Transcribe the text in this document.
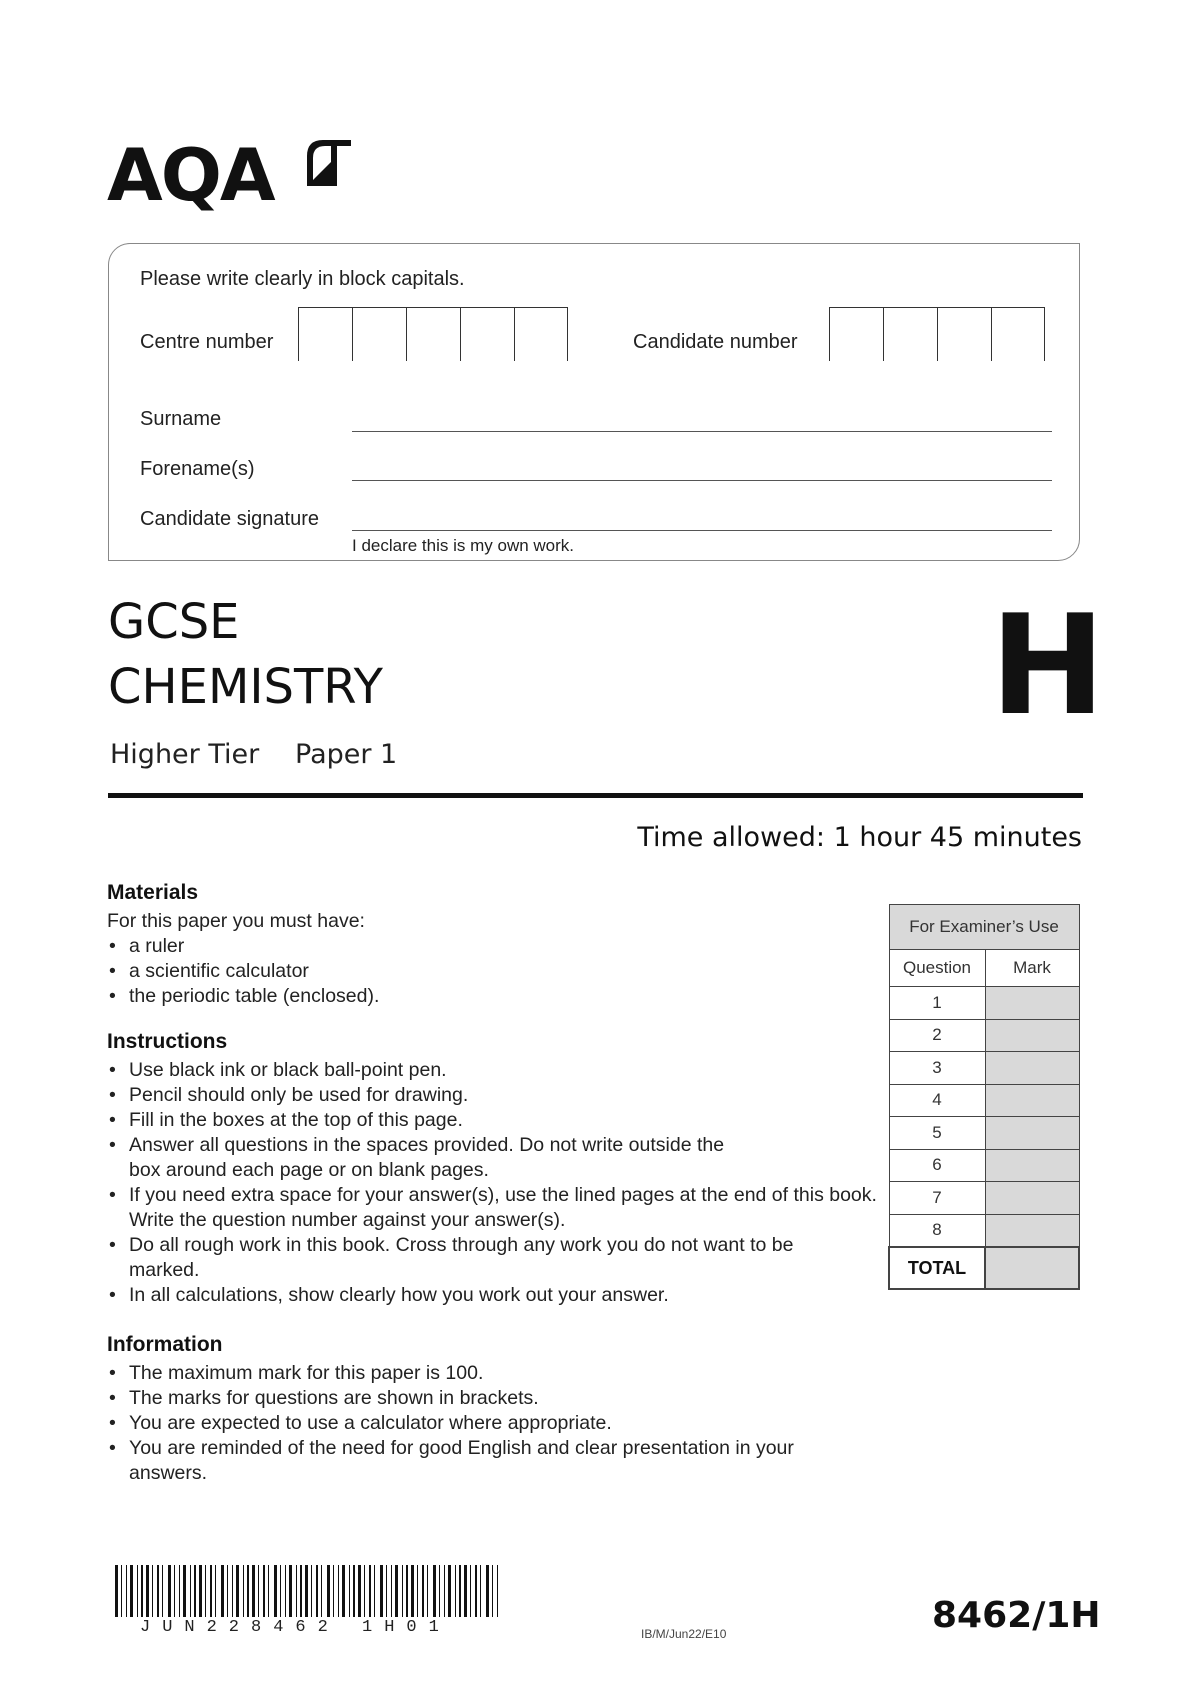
AQA
Please write clearly in block capitals.
Centre number	Candidate number
Surname
Forename(s)
Candidate signature
I declare this is my own work.
GCSE
CHEMISTRY
Higher Tier Paper 1
H
Time allowed: 1 hour 45 minutes
Materials
For this paper you must have:
• a ruler
• a scientific calculator
• the periodic table (enclosed).
Instructions
• Use black ink or black ball-point pen.
• Pencil should only be used for drawing.
• Fill in the boxes at the top of this page.
• Answer all questions in the spaces provided. Do not write outside the box around each page or on blank pages.
• If you need extra space for your answer(s), use the lined pages at the end of this book. Write the question number against your answer(s).
• Do all rough work in this book. Cross through any work you do not want to be marked.
• In all calculations, show clearly how you work out your answer.
Information
• The maximum mark for this paper is 100.
• The marks for questions are shown in brackets.
• You are expected to use a calculator where appropriate.
• You are reminded of the need for good English and clear presentation in your answers.
For Examiner’s Use	
Question	Mark
1	
2	
3	
4	
5	
6	
7	
8	
TOTAL	
JUN228462 1H01	IB/M/Jun22/E10	8462/1H
